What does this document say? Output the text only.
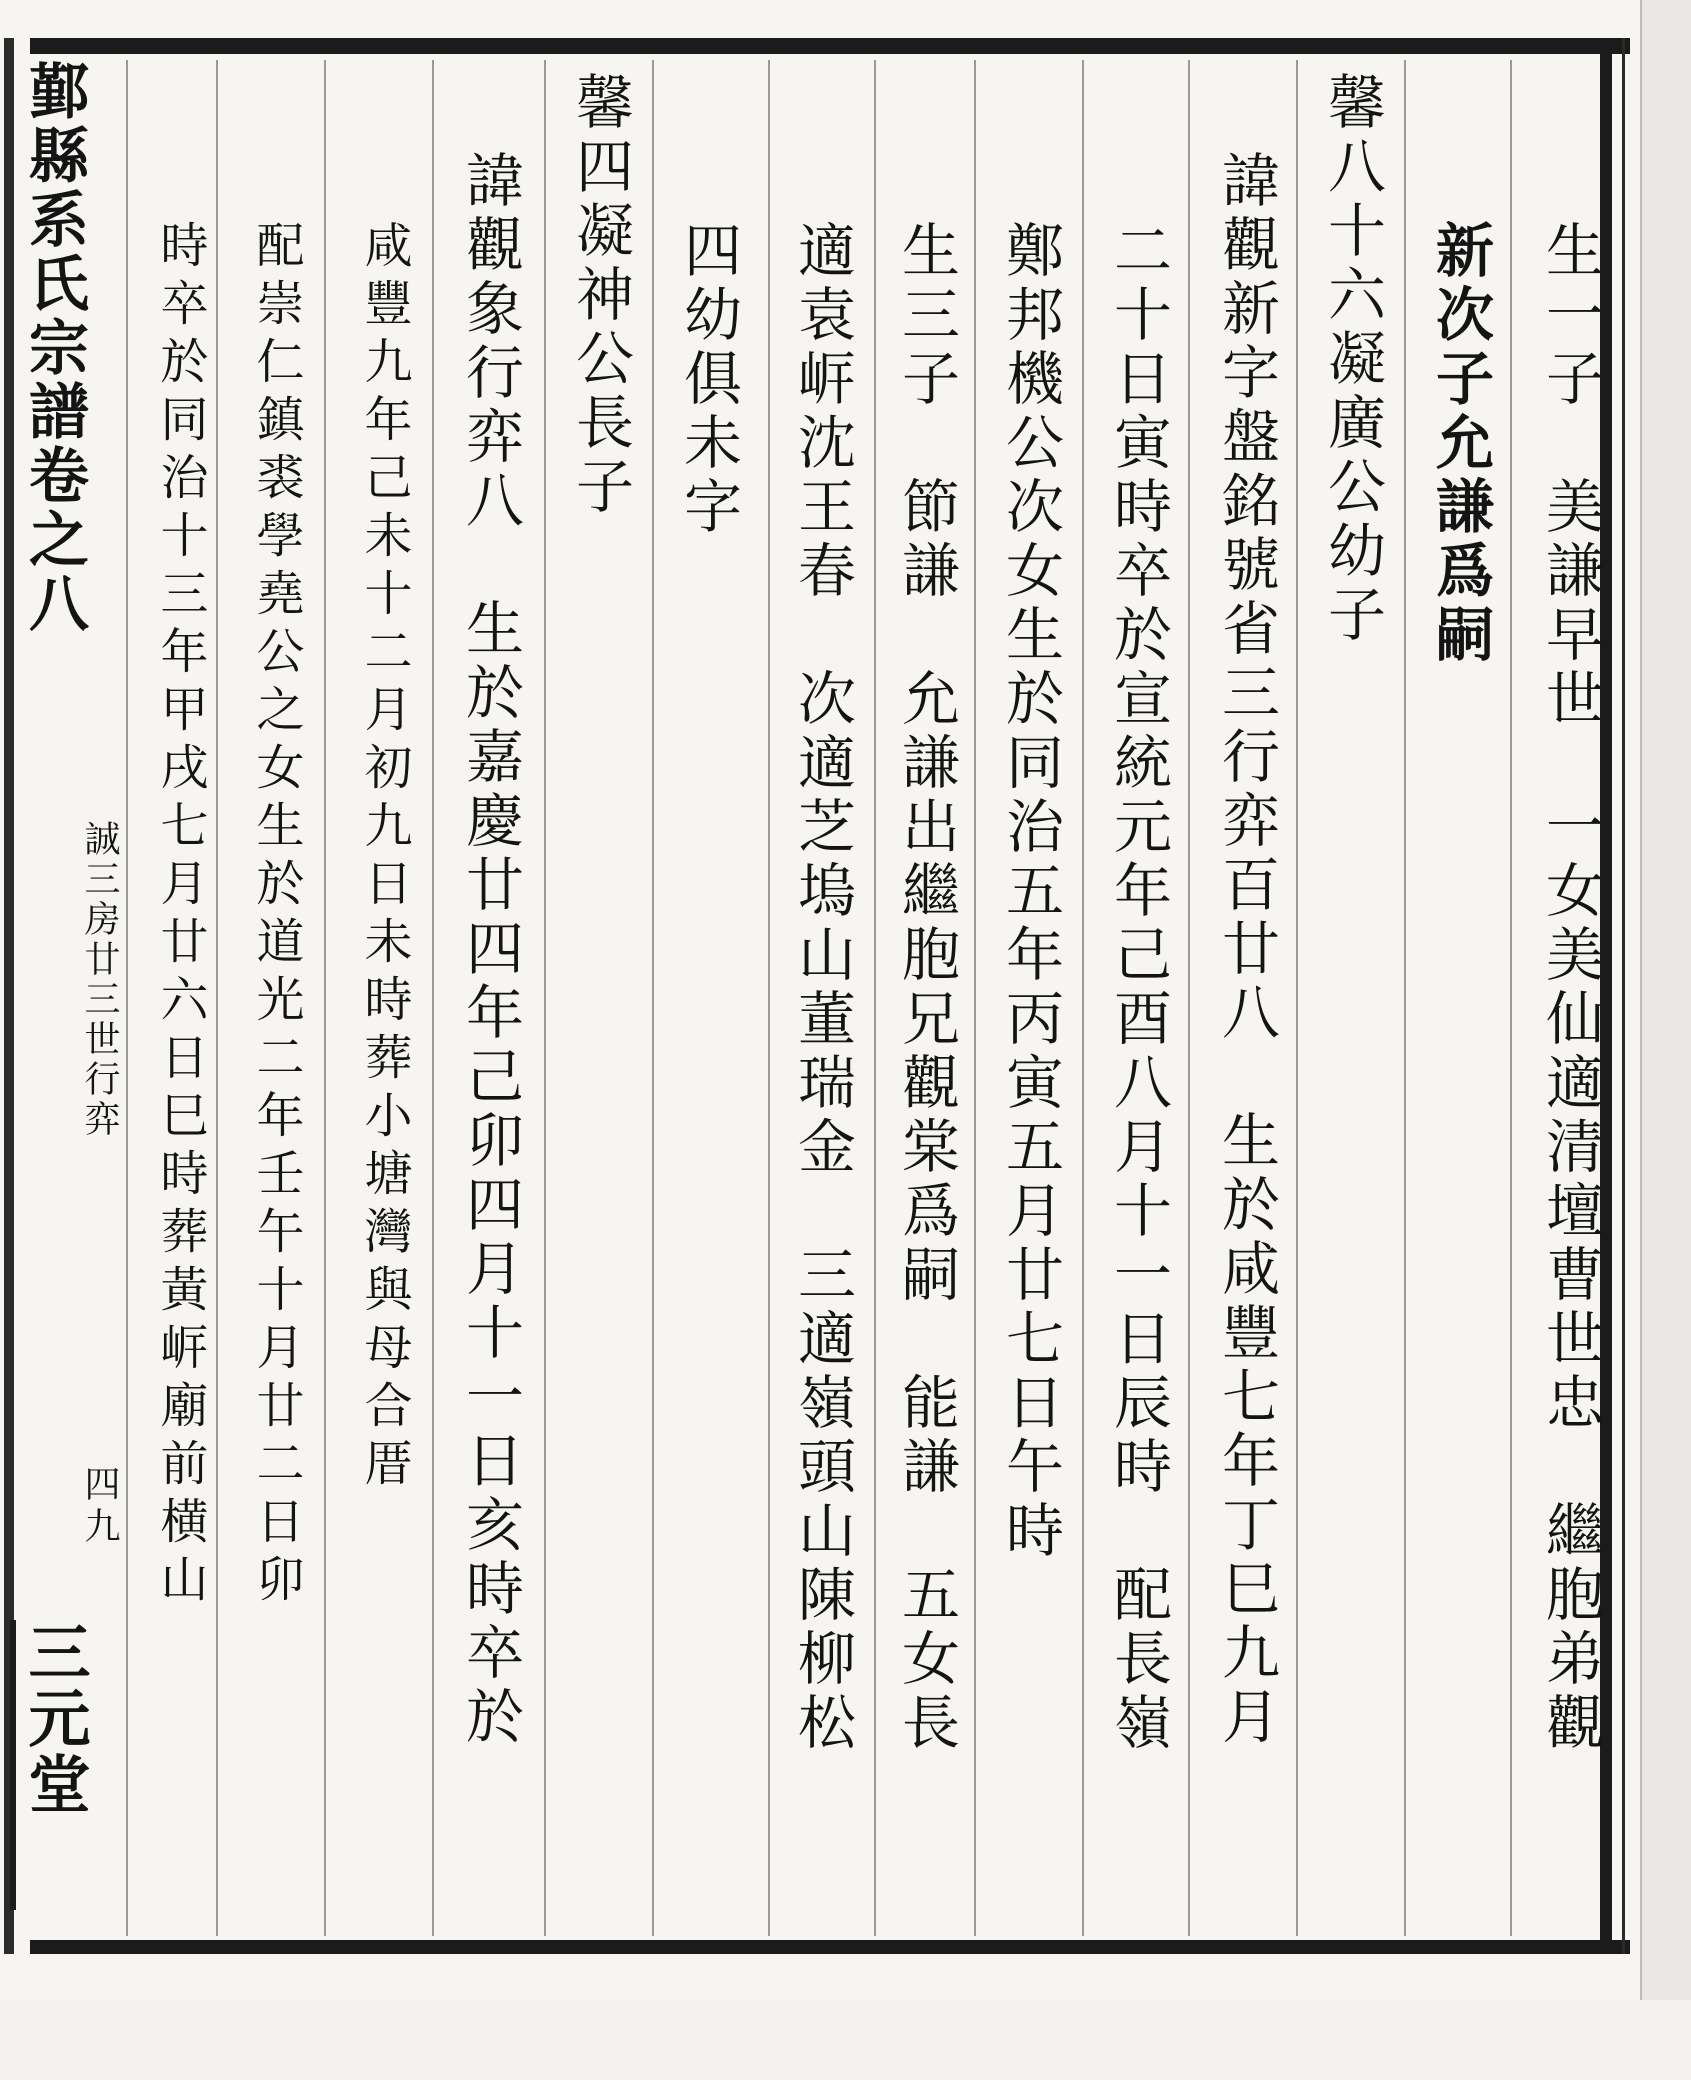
生一子　美謙早世　一女美仙適清壇曹世忠　繼胞弟觀
新次子允謙爲嗣
馨八十六凝廣公幼子
諱觀新字盤銘號省三行弈百廿八　生於咸豐七年丁巳九月
二十日寅時卒於宣統元年己酉八月十一日辰時　配長嶺
鄭邦機公次女生於同治五年丙寅五月廿七日午時
生三子　節謙　允謙出繼胞兄觀棠爲嗣　能謙　五女長
適袁㟁沈王春　次適芝塢山董瑞金　三適嶺頭山陳柳松
四幼俱未字
馨四凝神公長子
諱觀象行弈八　生於嘉慶廿四年己卯四月十一日亥時卒於
咸豐九年己未十二月初九日未時葬小塘灣與母合厝
配崇仁鎮裘學堯公之女生於道光二年壬午十月廿二日卯
時卒於同治十三年甲戌七月廿六日巳時葬黃㟁廟前横山
鄞縣系氏宗譜卷之八
誠三房廿三世行弈
四九
三元堂
